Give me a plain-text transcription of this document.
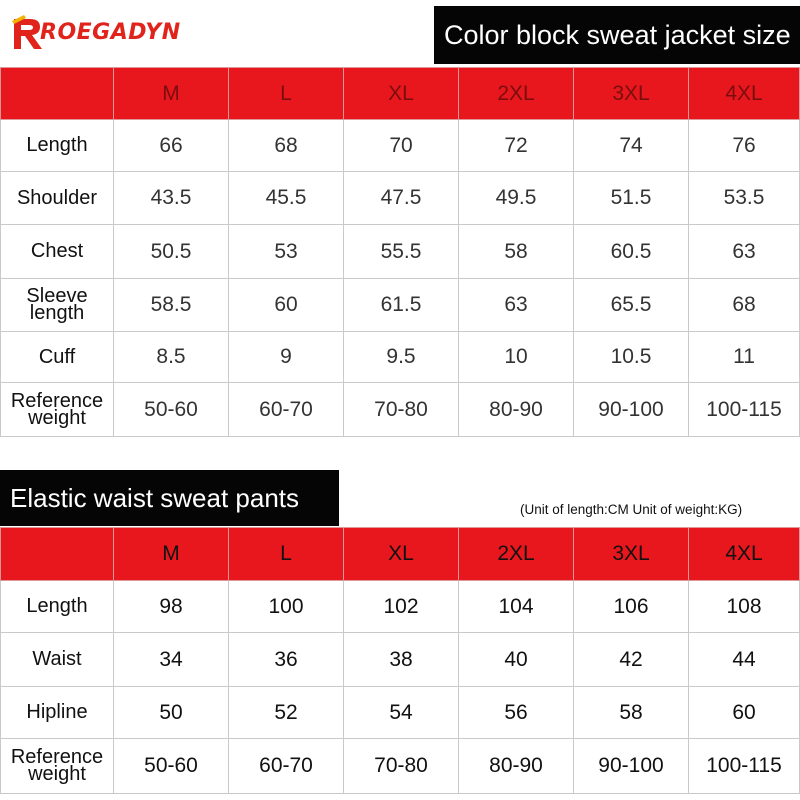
ROEGADYN	Color block sweat jacket size
	M	L	XL	2XL	3XL	4XL
Length	66	68	70	72	74	76
Shoulder	43.5	45.5	47.5	49.5	51.5	53.5
Chest	50.5	53	55.5	58	60.5	63
Sleeve length	58.5	60	61.5	63	65.5	68
Cuff	8.5	9	9.5	10	10.5	11
Reference weight	50-60	60-70	70-80	80-90	90-100	100-115
Elastic waist sweat pants	(Unit of length:CM Unit of weight:KG)
	M	L	XL	2XL	3XL	4XL
Length	98	100	102	104	106	108
Waist	34	36	38	40	42	44
Hipline	50	52	54	56	58	60
Reference weight	50-60	60-70	70-80	80-90	90-100	100-115
